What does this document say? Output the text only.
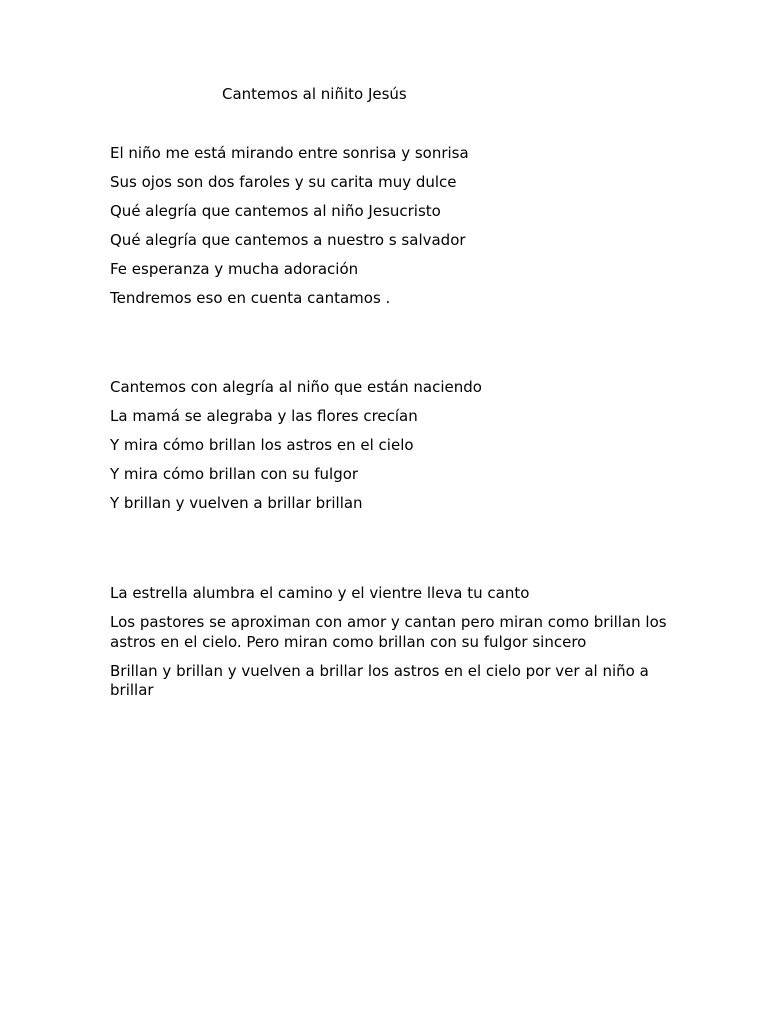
Cantemos al niñito Jesús
El niño me está mirando entre sonrisa y sonrisa
Sus ojos son dos faroles y su carita muy dulce
Qué alegría que cantemos al niño Jesucristo
Qué alegría que cantemos a nuestro s salvador
Fe esperanza y mucha adoración
Tendremos eso en cuenta cantamos .
Cantemos con alegría al niño que están naciendo
La mamá se alegraba y las flores crecían
Y mira cómo brillan los astros en el cielo
Y mira cómo brillan con su fulgor
Y brillan y vuelven a brillar brillan
La estrella alumbra el camino y el vientre lleva tu canto
Los pastores se aproximan con amor y cantan pero miran como brillan los astros en el cielo. Pero miran como brillan con su fulgor sincero
Brillan y brillan y vuelven a brillar los astros en el cielo por ver al niño a brillar
